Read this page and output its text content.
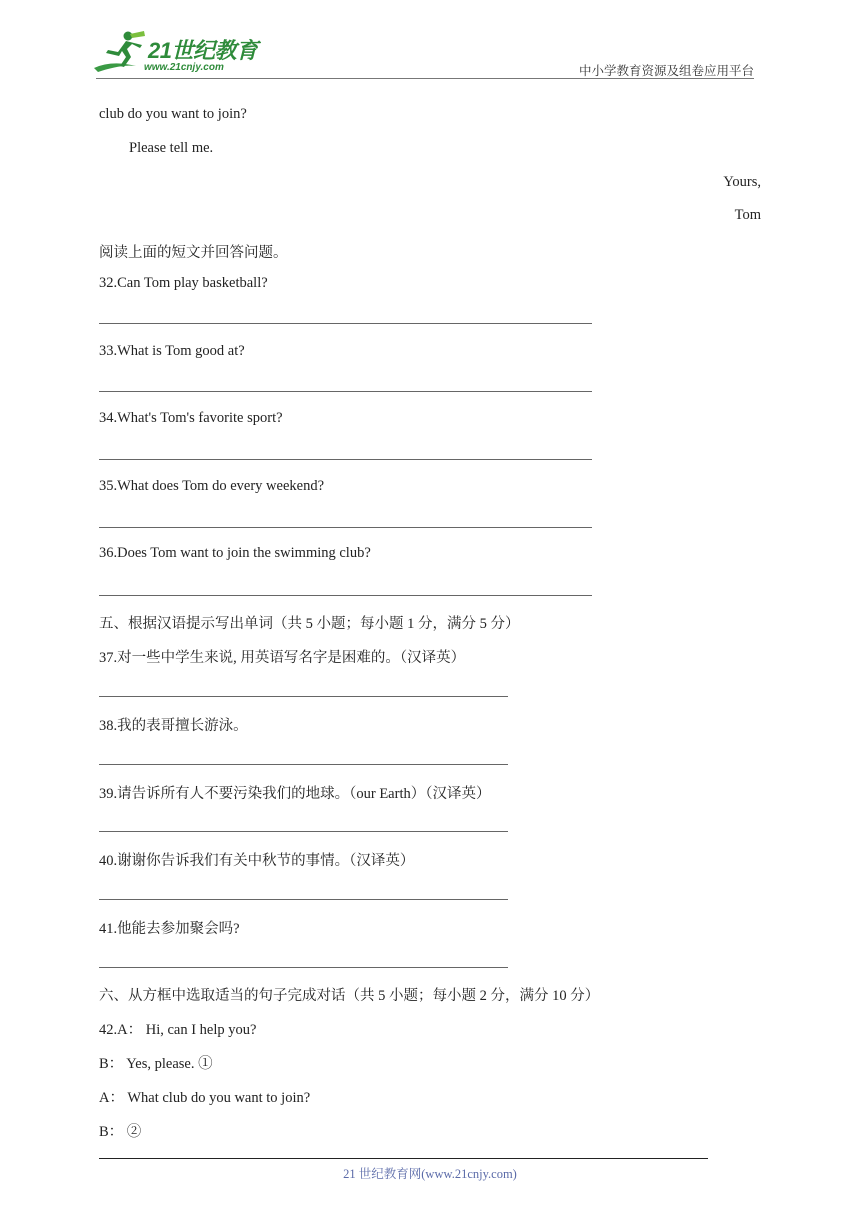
21世纪教育
www.21cnjy.com	中小学教育资源及组卷应用平台
club do you want to join?
Please tell me.
Yours,
Tom
阅读上面的短文并回答问题。
32.Can Tom play basketball?
33.What is Tom good at?
34.What's Tom's favorite sport?
35.What does Tom do every weekend?
36.Does Tom want to join the swimming club?
五、根据汉语提示写出单词（共 5 小题；每小题 1 分，满分 5 分）
37.对一些中学生来说, 用英语写名字是困难的。（汉译英）
38.我的表哥擅长游泳。
39.请告诉所有人不要污染我们的地球。（our Earth）（汉译英）
40.谢谢你告诉我们有关中秋节的事情。（汉译英）
41.他能去参加聚会吗?
六、从方框中选取适当的句子完成对话（共 5 小题；每小题 2 分，满分 10 分）
42.A： Hi, can I help you?
B： Yes, please. ①
A： What club do you want to join?
B： ②
21 世纪教育网(www.21cnjy.com)
